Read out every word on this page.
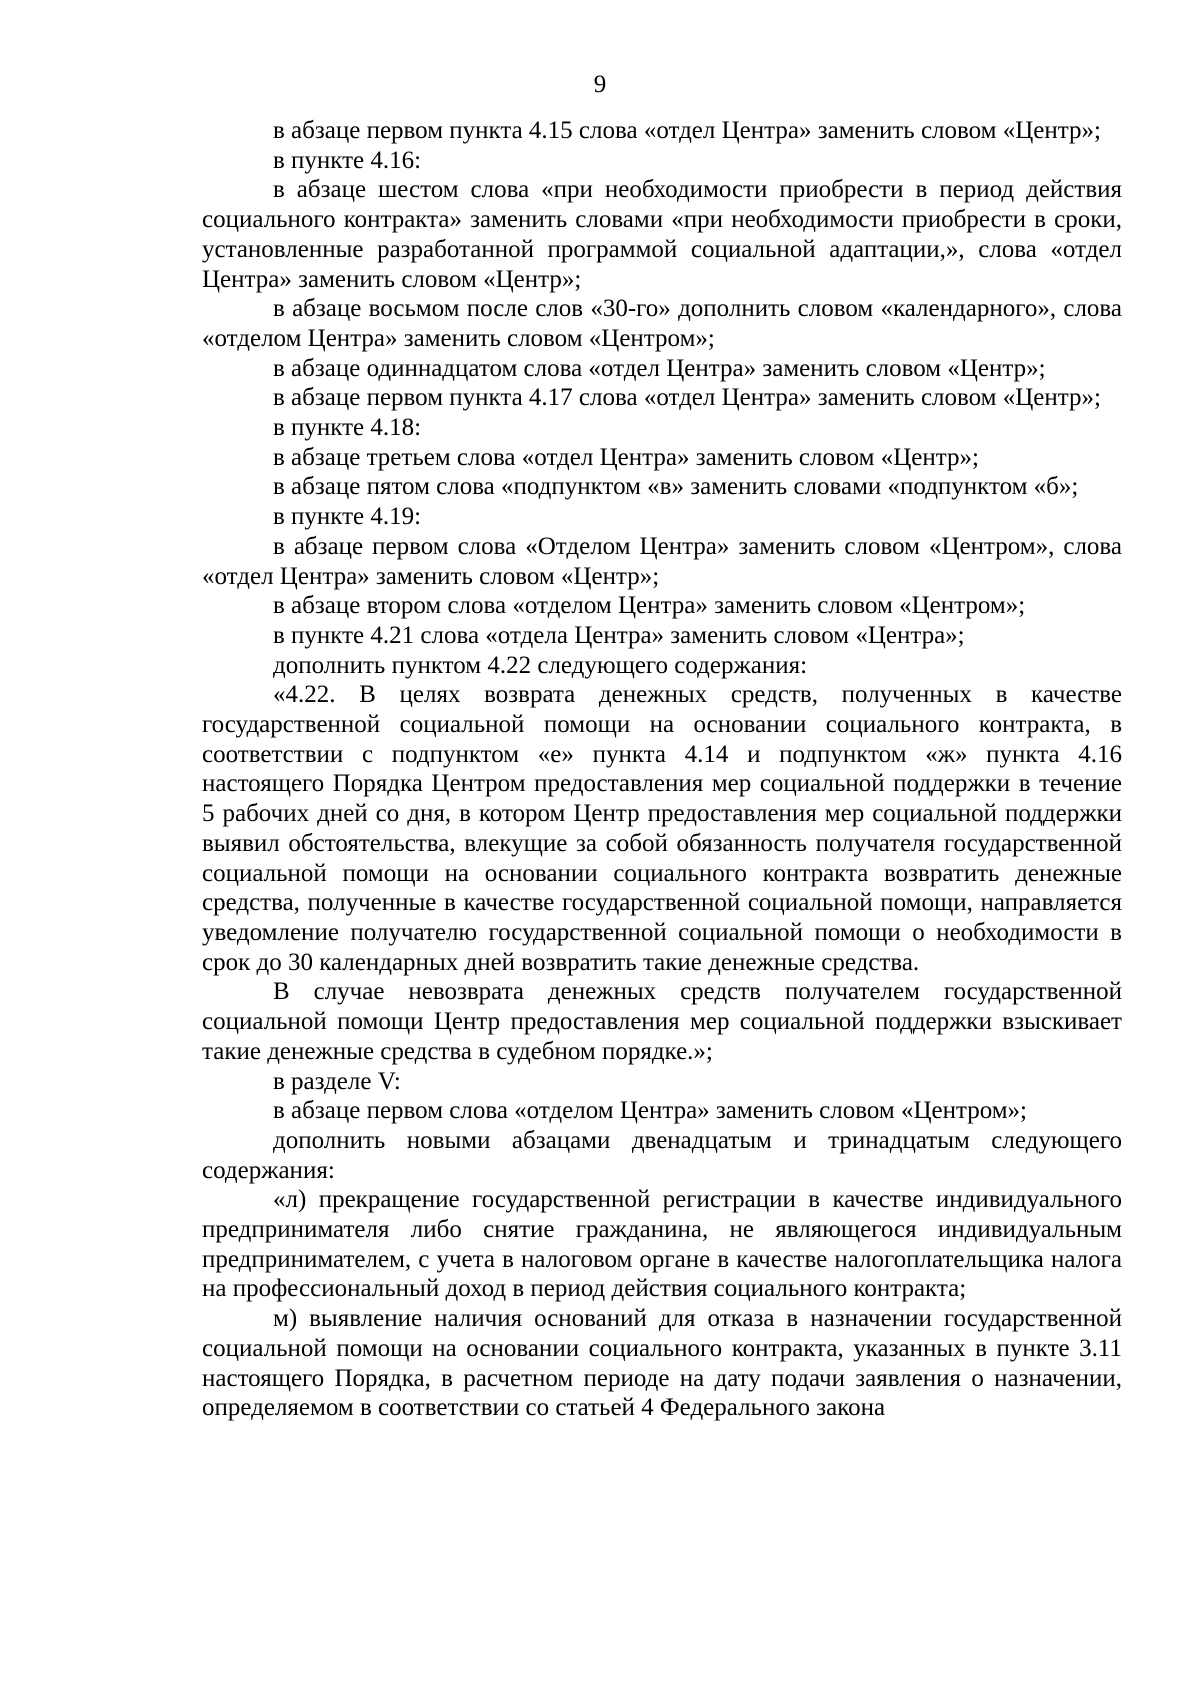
9

в абзаце первом пункта 4.15 слова «отдел Центра» заменить словом «Центр»;

в пункте 4.16:

в абзаце шестом слова «при необходимости приобрести в период действия социального контракта» заменить словами «при необходимости приобрести в сроки, установленные разработанной программой социальной адаптации,», слова «отдел Центра» заменить словом «Центр»;

в абзаце восьмом после слов «30-го» дополнить словом «календарного», слова «отделом Центра» заменить словом «Центром»;

в абзаце одиннадцатом слова «отдел Центра» заменить словом «Центр»;

в абзаце первом пункта 4.17 слова «отдел Центра» заменить словом «Центр»;

в пункте 4.18:

в абзаце третьем слова «отдел Центра» заменить словом «Центр»;

в абзаце пятом слова «подпунктом «в» заменить словами «подпунктом «б»;

в пункте 4.19:

в абзаце первом слова «Отделом Центра» заменить словом «Центром», слова «отдел Центра» заменить словом «Центр»;

в абзаце втором слова «отделом Центра» заменить словом «Центром»;

в пункте 4.21 слова «отдела Центра» заменить словом «Центра»;

дополнить пунктом 4.22 следующего содержания:

«4.22. В целях возврата денежных средств, полученных в качестве государственной социальной помощи на основании социального контракта, в соответствии с подпунктом «е» пункта 4.14 и подпунктом «ж» пункта 4.16 настоящего Порядка Центром предоставления мер социальной поддержки в течение 5 рабочих дней со дня, в котором Центр предоставления мер социальной поддержки выявил обстоятельства, влекущие за собой обязанность получателя государственной социальной помощи на основании социального контракта возвратить денежные средства, полученные в качестве государственной социальной помощи, направляется уведомление получателю государственной социальной помощи о необходимости в срок до 30 календарных дней возвратить такие денежные средства.

В случае невозврата денежных средств получателем государственной социальной помощи Центр предоставления мер социальной поддержки взыскивает такие денежные средства в судебном порядке.»;

в разделе V:

в абзаце первом слова «отделом Центра» заменить словом «Центром»;

дополнить новыми абзацами двенадцатым и тринадцатым следующего содержания:

«л) прекращение государственной регистрации в качестве индивидуального предпринимателя либо снятие гражданина, не являющегося индивидуальным предпринимателем, с учета в налоговом органе в качестве налогоплательщика налога на профессиональный доход в период действия социального контракта;

м) выявление наличия оснований для отказа в назначении государственной социальной помощи на основании социального контракта, указанных в пункте 3.11 настоящего Порядка, в расчетном периоде на дату подачи заявления о назначении, определяемом в соответствии со статьей 4 Федерального закона
